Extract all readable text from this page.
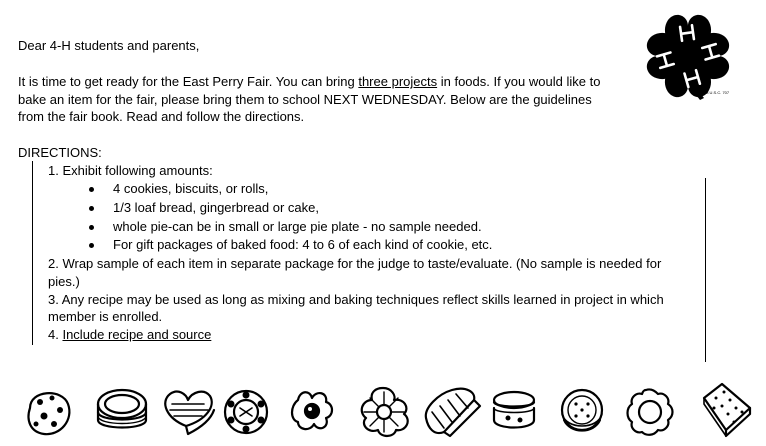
18 U.S.C. 707
Dear 4-H students and parents,
It is time to get ready for the East Perry Fair. You can bring three projects in foods. If you would like to
bake an item for the fair, please bring them to school NEXT WEDNESDAY. Below are the guidelines
from the fair book. Read and follow the directions.
DIRECTIONS:
1. Exhibit following amounts:
4 cookies, biscuits, or rolls,
1/3 loaf bread, gingerbread or cake,
whole pie-can be in small or large pie plate - no sample needed.
For gift packages of baked food: 4 to 6 of each kind of cookie, etc.
2. Wrap sample of each item in separate package for the judge to taste/evaluate. (No sample is needed for
pies.)
3. Any recipe may be used as long as mixing and baking techniques reflect skills learned in project in which
member is enrolled.
4. Include recipe and source
